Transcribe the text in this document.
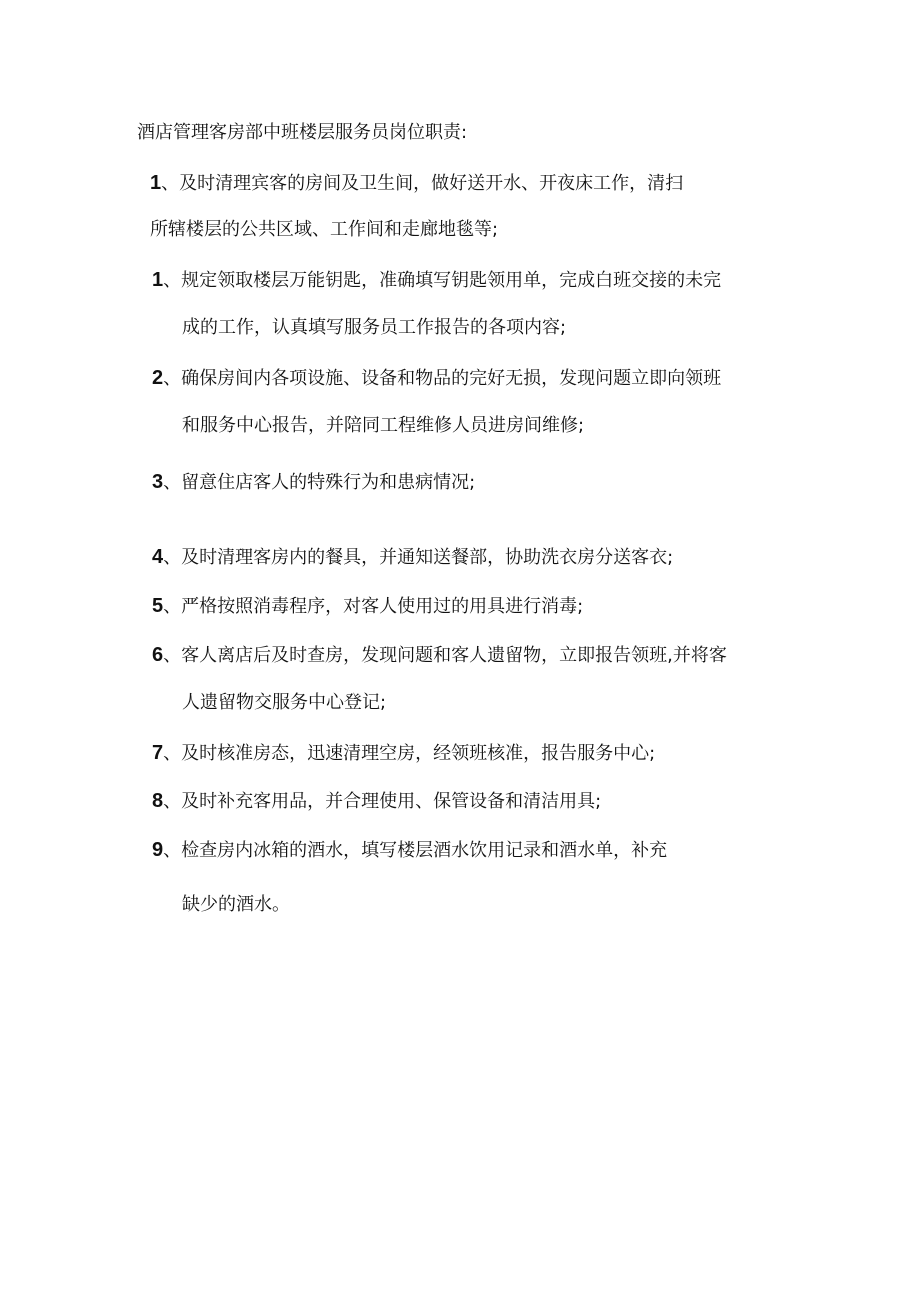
酒店管理客房部中班楼层服务员岗位职责:
1、及时清理宾客的房间及卫生间，做好送开水、开夜床工作，清扫
所辖楼层的公共区域、工作间和走廊地毯等;
1、规定领取楼层万能钥匙，准确填写钥匙领用单，完成白班交接的未完
成的工作，认真填写服务员工作报告的各项内容;
2、确保房间内各项设施、设备和物品的完好无损，发现问题立即向领班
和服务中心报告，并陪同工程维修人员进房间维修;
3、留意住店客人的特殊行为和患病情况;
4、及时清理客房内的餐具，并通知送餐部，协助洗衣房分送客衣;
5、严格按照消毒程序，对客人使用过的用具进行消毒;
6、客人离店后及时查房，发现问题和客人遗留物，立即报告领班,并将客
人遗留物交服务中心登记;
7、及时核准房态，迅速清理空房，经领班核准，报告服务中心;
8、及时补充客用品，并合理使用、保管设备和清洁用具;
9、检查房内冰箱的酒水，填写楼层酒水饮用记录和酒水单，补充
缺少的酒水。
